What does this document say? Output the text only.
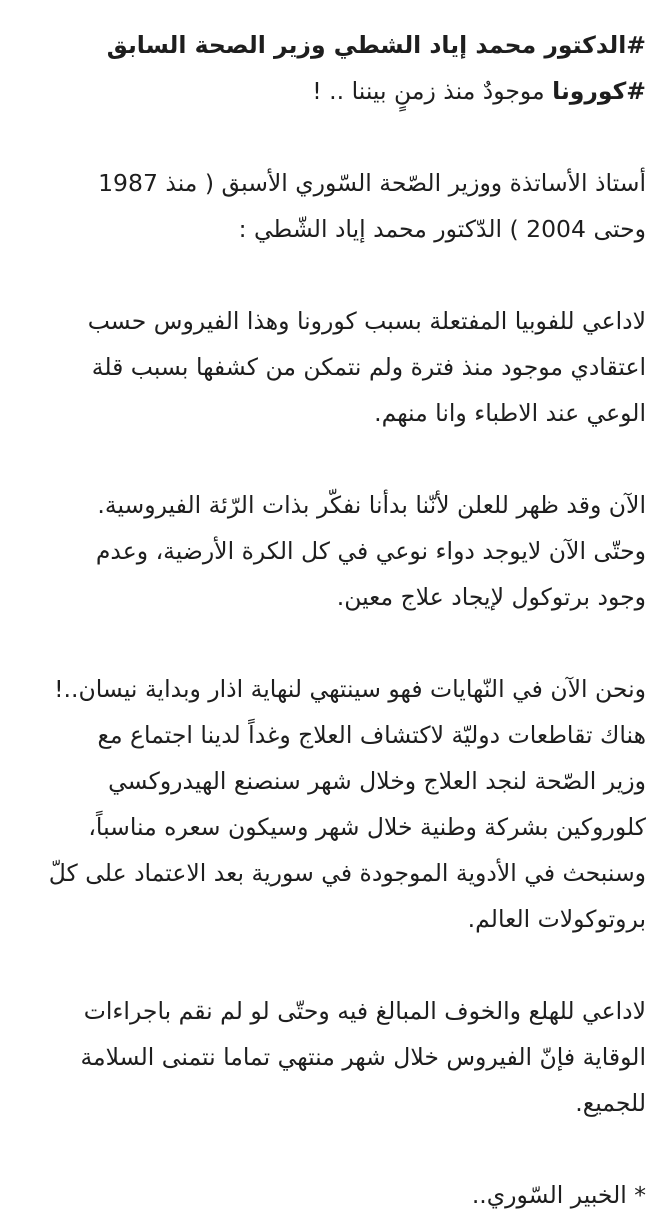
#الدكتور محمد إياد الشطي وزير الصحة السابق
#كورونا موجودٌ منذ زمنٍ بيننا .. !

أستاذ الأساتذة ووزير الصّحة السّوري الأسبق ( منذ 1987
وحتى 2004 ) الدّكتور محمد إياد الشّطي :

لاداعي للفوبيا المفتعلة بسبب كورونا وهذا الفيروس حسب
اعتقادي موجود منذ فترة ولم نتمكن من كشفها بسبب قلة
الوعي عند الاطباء وانا منهم.

الآن وقد ظهر للعلن لأنّنا بدأنا نفكّر بذات الرّئة الفيروسية.
وحتّى الآن لايوجد دواء نوعي في كل الكرة الأرضية، وعدم
وجود برتوكول لإيجاد علاج معين.

ونحن الآن في النّهايات فهو سينتهي لنهاية اذار وبداية نيسان..!
هناك تقاطعات دوليّة لاكتشاف العلاج وغداً لدينا اجتماع مع
وزير الصّحة لنجد العلاج وخلال شهر سنصنع الهيدروكسي
كلوروكين بشركة وطنية خلال شهر وسيكون سعره مناسباً،
وسنبحث في الأدوية الموجودة في سورية بعد الاعتماد على كلّ
بروتوكولات العالم.

لاداعي للهلع والخوف المبالغ فيه وحتّى لو لم نقم باجراءات
الوقاية فإنّ الفيروس خلال شهر منتهي تماما نتمنى السلامة
للجميع.

* الخبير السّوري..
